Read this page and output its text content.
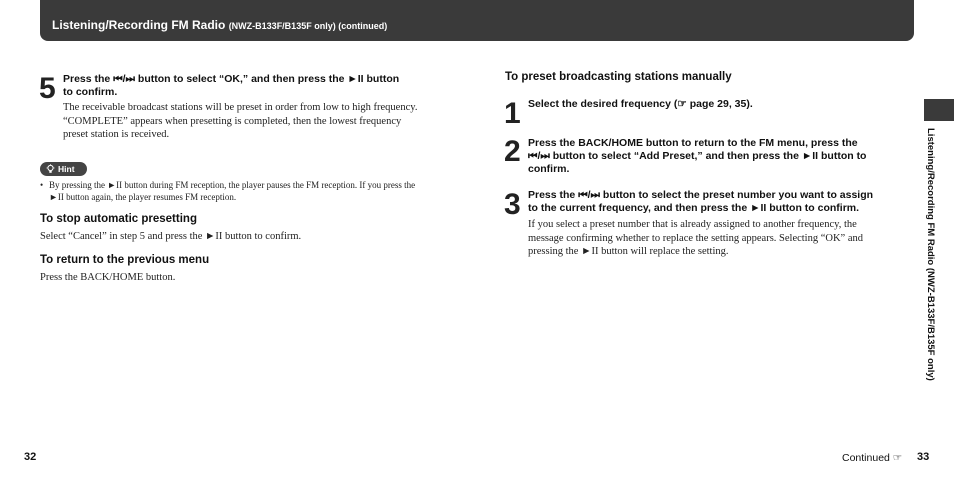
Listening/Recording FM Radio (NWZ-B133F/B135F only) (continued)
5 Press the ⏮/⏭ button to select “OK,” and then press the ►II button
to confirm.
The receivable broadcast stations will be preset in order from low to high frequency.
“COMPLETE” appears when presetting is completed, then the lowest frequency
preset station is received.
Hint
• By pressing the ►II button during FM reception, the player pauses the FM reception. If you press the
►II button again, the player resumes FM reception.
To stop automatic presetting
Select “Cancel” in step 5 and press the ►II button to confirm.
To return to the previous menu
Press the BACK/HOME button.
32
To preset broadcasting stations manually
1 Select the desired frequency (☞ page 29, 35).
2 Press the BACK/HOME button to return to the FM menu, press the
⏮/⏭ button to select “Add Preset,” and then press the ►II button to
confirm.
3 Press the ⏮/⏭ button to select the preset number you want to assign
to the current frequency, and then press the ►II button to confirm.
If you select a preset number that is already assigned to another frequency, the
message confirming whether to replace the setting appears. Selecting “OK” and
pressing the ►II button will replace the setting.	Listening/Recording FM Radio (NWZ-B133F/B135F only)
Continued ☞ 33
